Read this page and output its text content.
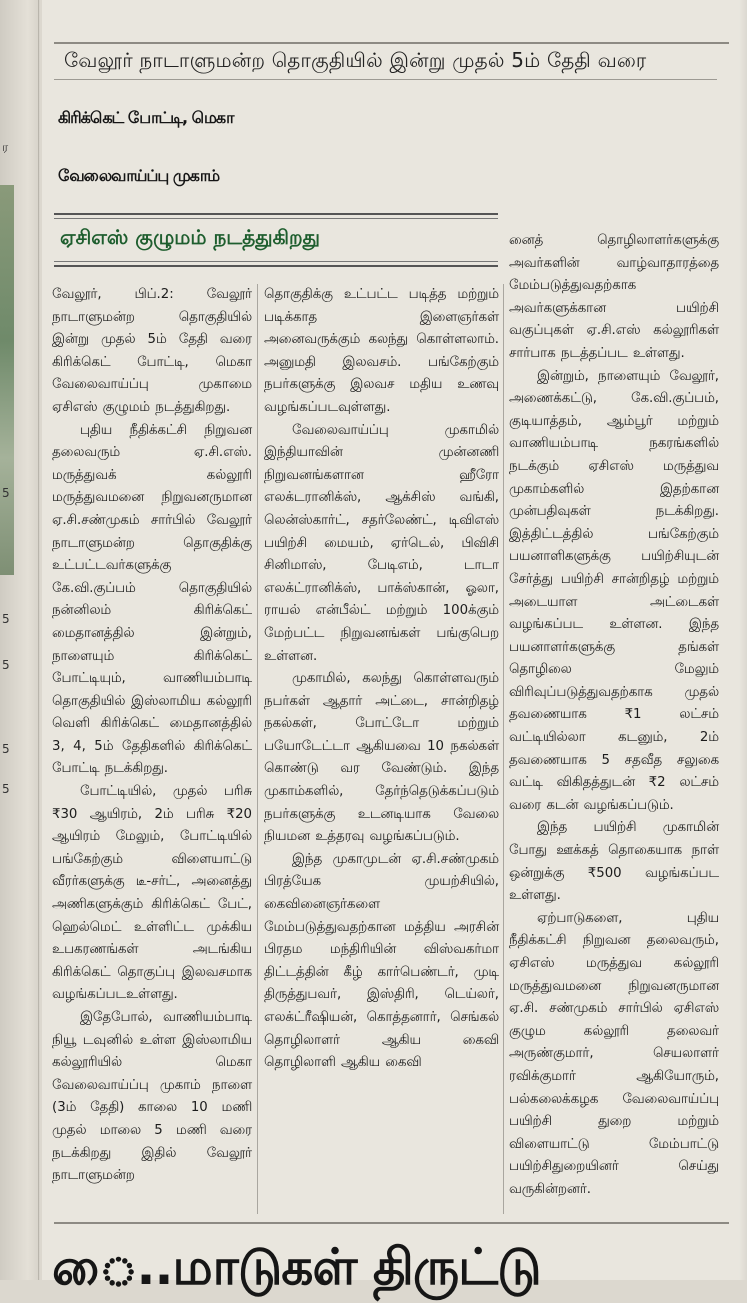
ர
5
5
5
5
5
வேலூர் நாடாளுமன்ற தொகுதியில் இன்று முதல் 5ம் தேதி வரை
கிரிக்கெட் போட்டி, மெகா
வேலைவாய்ப்பு முகாம்
ஏசிஎஸ் குழுமம் நடத்துகிறது

வேலூர், பிப்.2: வேலூர் நாடாளுமன்ற தொகுதியில் இன்று முதல் 5ம் தேதி வரை கிரிக்கெட் போட்டி, மெகா வேலைவாய்ப்பு முகாமை ஏசிஎஸ் குழுமம் நடத்துகிறது.

புதிய நீதிக்கட்சி நிறுவன தலைவரும் ஏ.சி.எஸ். மருத்துவக் கல்லூரி மருத்துவமனை நிறுவனருமான ஏ.சி.சண்முகம் சார்பில் வேலூர் நாடாளுமன்ற தொகுதிக்கு உட்பட்டவர்களுக்கு கே.வி.குப்பம் தொகுதியில் நன்னிலம் கிரிக்கெட் மைதானத்தில் இன்றும், நாளையும் கிரிக்கெட் போட்டியும், வாணியம்பாடி தொகுதியில் இஸ்லாமிய கல்லூரி வெளி கிரிக்கெட் மைதானத்தில் 3, 4, 5ம் தேதிகளில் கிரிக்கெட் போட்டி நடக்கிறது.

போட்டியில், முதல் பரிசு ₹30 ஆயிரம், 2ம் பரிசு ₹20 ஆயிரம் மேலும், போட்டியில் பங்கேற்கும் விளையாட்டு வீரர்களுக்கு டீ-சர்ட், அனைத்து அணிகளுக்கும் கிரிக்கெட் பேட், ஹெல்மெட் உள்ளிட்ட முக்கிய உபகரணங்கள் அடங்கிய கிரிக்கெட் தொகுப்பு இலவசமாக வழங்கப்படஉள்ளது.

இதேபோல், வாணியம்பாடி நியூ டவுனில் உள்ள இஸ்லாமிய கல்லூரியில் மெகா வேலைவாய்ப்பு முகாம் நாளை (3ம் தேதி) காலை 10 மணி முதல் மாலை 5 மணி வரை நடக்கிறது இதில் வேலூர் நாடாளுமன்ற

தொகுதிக்கு உட்பட்ட படித்த மற்றும் படிக்காத இளைஞர்கள் அனைவருக்கும் கலந்து கொள்ளலாம். அனுமதி இலவசம். பங்கேற்கும் நபர்களுக்கு இலவச மதிய உணவு வழங்கப்படவுள்ளது.

வேலைவாய்ப்பு முகாமில் இந்தியாவின் முன்னணி நிறுவனங்களான ஹீரோ எலக்டரானிக்ஸ், ஆக்சிஸ் வங்கி, லென்ஸ்கார்ட், சதர்லேண்ட், டிவிஎஸ் பயிற்சி மையம், ஏர்டெல், பிவிசி சினிமாஸ், பேடிஎம், டாடா எலக்ட்ரானிக்ஸ், பாக்ஸ்கான், ஓலா, ராயல் என்பீல்ட் மற்றும் 100க்கும் மேற்பட்ட நிறுவனங்கள் பங்குபெற உள்ளன.

முகாமில், கலந்து கொள்ளவரும் நபர்கள் ஆதார் அட்டை, சான்றிதழ் நகல்கள், போட்டோ மற்றும் பயோடேட்டா ஆகியவை 10 நகல்கள் கொண்டு வர வேண்டும். இந்த முகாம்களில், தேர்ந்தெடுக்கப்படும் நபர்களுக்கு உடனடியாக வேலை நியமன உத்தரவு வழங்கப்படும்.

இந்த முகாமுடன் ஏ.சி.சண்முகம் பிரத்யேக முயற்சியில், கைவினைஞர்களை மேம்படுத்துவதற்கான மத்திய அரசின் பிரதம மந்திரியின் விஸ்வகர்மா திட்டத்தின் கீழ் கார்பெண்டர், முடி திருத்துபவர், இஸ்திரி, டெய்லர், எலக்ட்ரீஷியன், கொத்தனார், செங்கல் தொழிலாளர் ஆகிய கைவி தொழிலாளி ஆகிய கைவி

னைத் தொழிலாளர்களுக்கு அவர்களின் வாழ்வாதாரத்தை மேம்படுத்துவதற்காக அவர்களுக்கான பயிற்சி வகுப்புகள் ஏ.சி.எஸ் கல்லூரிகள் சார்பாக நடத்தப்பட உள்ளது.

இன்றும், நாளையும் வேலூர், அணைக்கட்டு, கே.வி.குப்பம், குடியாத்தம், ஆம்பூர் மற்றும் வாணியம்பாடி நகரங்களில் நடக்கும் ஏசிஎஸ் மருத்துவ முகாம்களில் இதற்கான முன்பதிவுகள் நடக்கிறது. இத்திட்டத்தில் பங்கேற்கும் பயனாளிகளுக்கு பயிற்சியுடன் சேர்த்து பயிற்சி சான்றிதழ் மற்றும் அடையாள அட்டைகள் வழங்கப்பட உள்ளன. இந்த பயனாளர்களுக்கு தங்கள் தொழிலை மேலும் விரிவுப்படுத்துவதற்காக முதல் தவணையாக ₹1 லட்சம் வட்டியில்லா கடனும், 2ம் தவணையாக 5 சதவீத சலுகை வட்டி விகிதத்துடன் ₹2 லட்சம் வரை கடன் வழங்கப்படும்.

இந்த பயிற்சி முகாமின் போது ஊக்கத் தொகையாக நாள் ஒன்றுக்கு ₹500 வழங்கப்பட உள்ளது.

ஏற்பாடுகளை, புதிய நீதிக்கட்சி நிறுவன தலைவரும், ஏசிஎஸ் மருத்துவ கல்லூரி மருத்துவமனை நிறுவனருமான ஏ.சி. சண்முகம் சார்பில் ஏசிஎஸ் குழும கல்லூரி தலைவர் அருண்குமார், செயலாளர் ரவிக்குமார் ஆகியோரும், பல்கலைக்கழக வேலைவாய்ப்பு பயிற்சி துறை மற்றும் விளையாட்டு மேம்பாட்டு பயிற்சிதுறையினர் செய்து வருகின்றனர்.

ை..மாடுகள் திருட்டு
